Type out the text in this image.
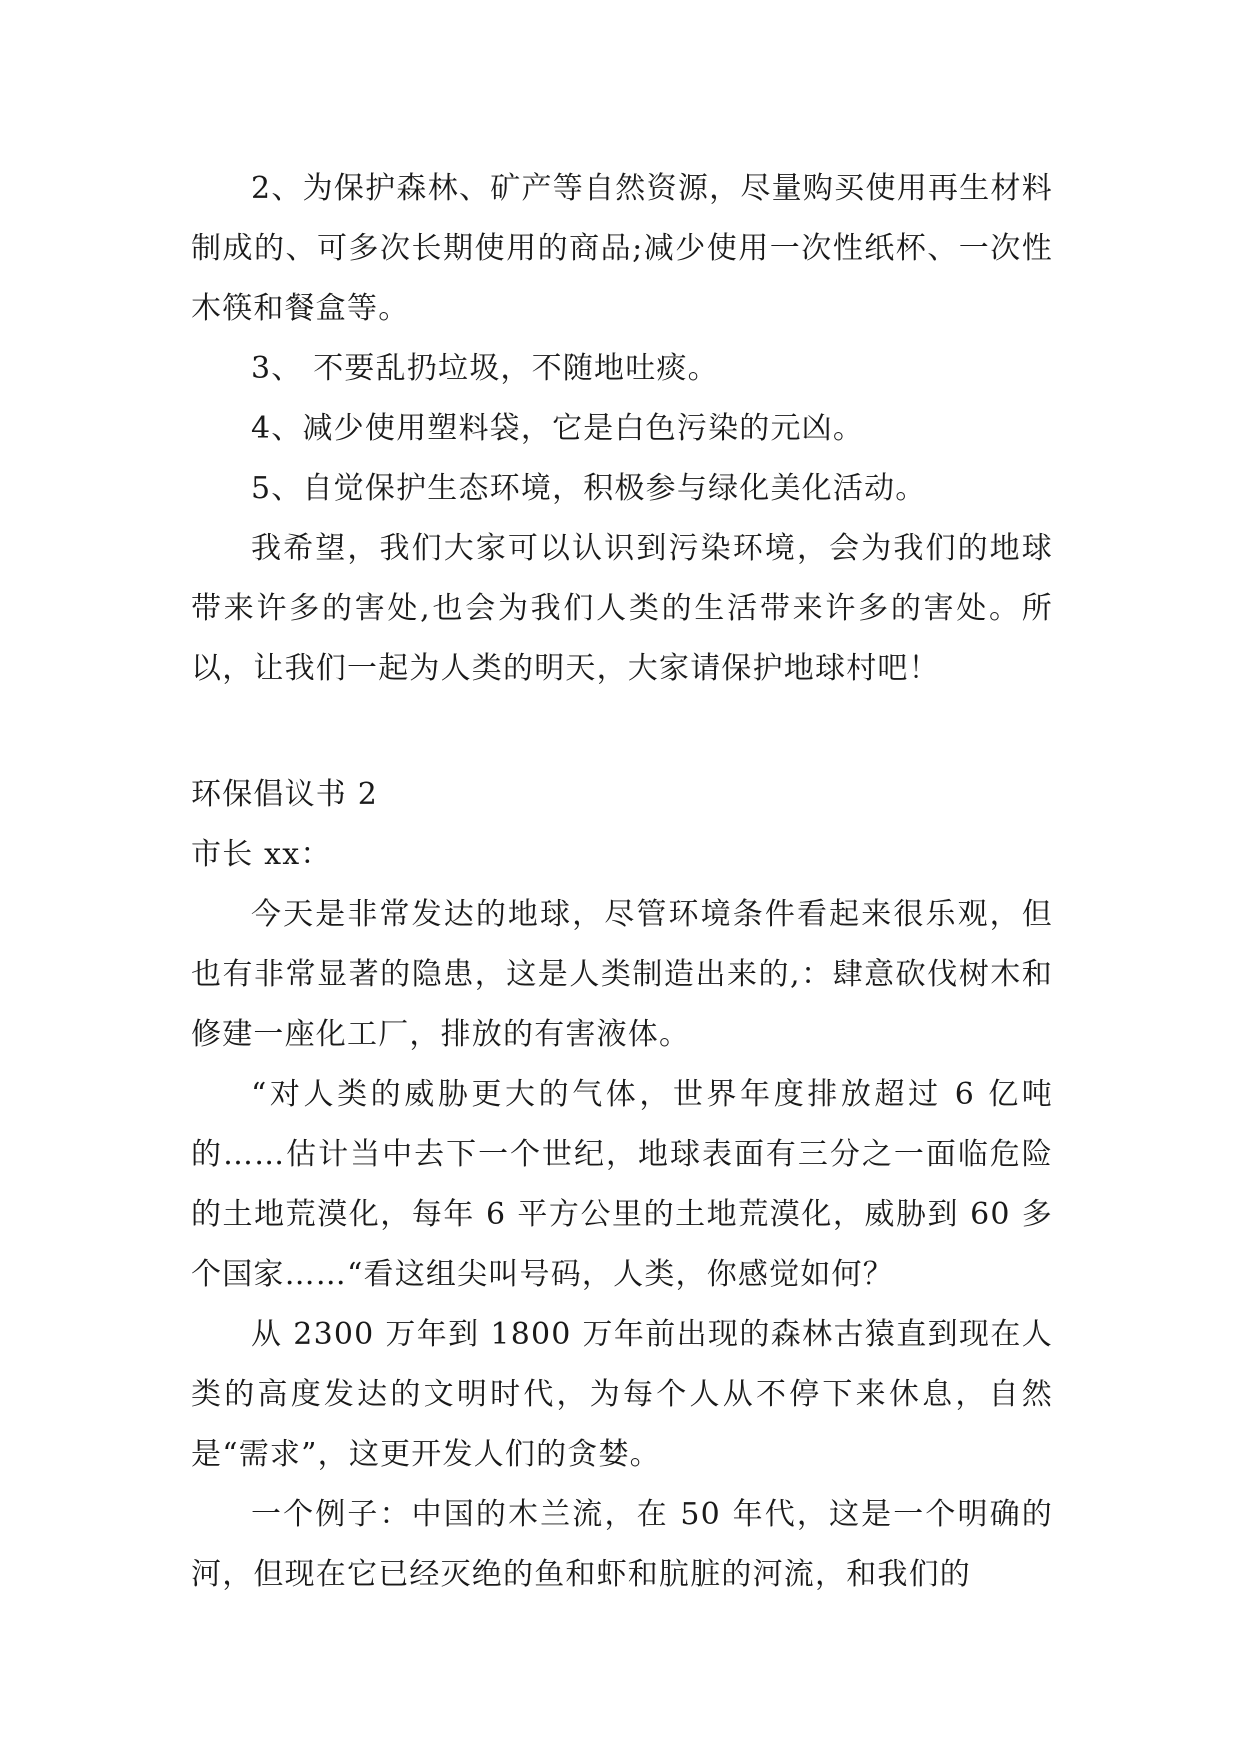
2、为保护森林、矿产等自然资源，尽量购买使用再生材料制成的、可多次长期使用的商品;减少使用一次性纸杯、一次性木筷和餐盒等。

3、 不要乱扔垃圾，不随地吐痰。

4、减少使用塑料袋，它是白色污染的元凶。

5、自觉保护生态环境，积极参与绿化美化活动。

我希望，我们大家可以认识到污染环境，会为我们的地球带来许多的害处,也会为我们人类的生活带来许多的害处。所以，让我们一起为人类的明天，大家请保护地球村吧！

环保倡议书 2

市长 xx：

今天是非常发达的地球，尽管环境条件看起来很乐观，但也有非常显著的隐患，这是人类制造出来的,：肆意砍伐树木和修建一座化工厂，排放的有害液体。

“对人类的威胁更大的气体，世界年度排放超过 6 亿吨的……估计当中去下一个世纪，地球表面有三分之一面临危险的土地荒漠化，每年 6 平方公里的土地荒漠化，威胁到 60 多个国家……“看这组尖叫号码，人类，你感觉如何？

从 2300 万年到 1800 万年前出现的森林古猿直到现在人类的高度发达的文明时代，为每个人从不停下来休息，自然是“需求”，这更开发人们的贪婪。

一个例子：中国的木兰流，在 50 年代，这是一个明确的河，但现在它已经灭绝的鱼和虾和肮脏的河流，和我们的
